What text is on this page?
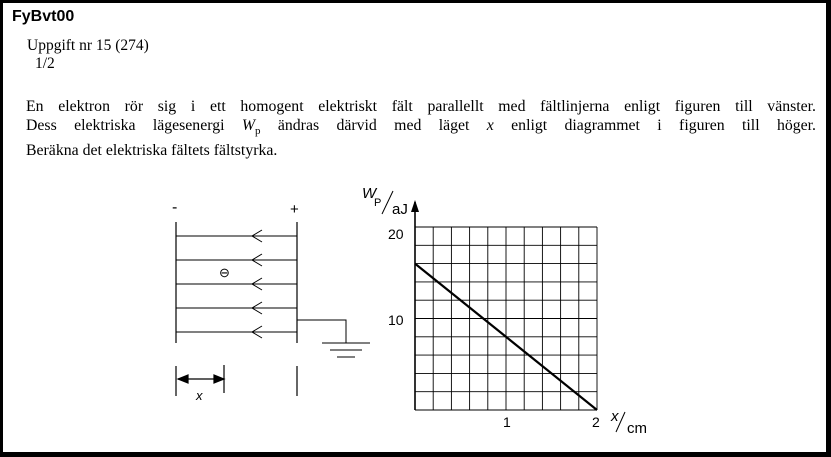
FyBvt00
Uppgift nr 15 (274)
1/2
En elektron rör sig i ett homogent elektriskt fält parallellt med fältlinjerna enligt figuren till vänster.
Dess elektriska lägesenergi $W_p$ ändras därvid med läget x enligt diagrammet i figuren till höger.
Beräkna det elektriska fältets fältstyrka.
-	+
⊖
x
W
P aJ
10
20
1	2 x
cm
